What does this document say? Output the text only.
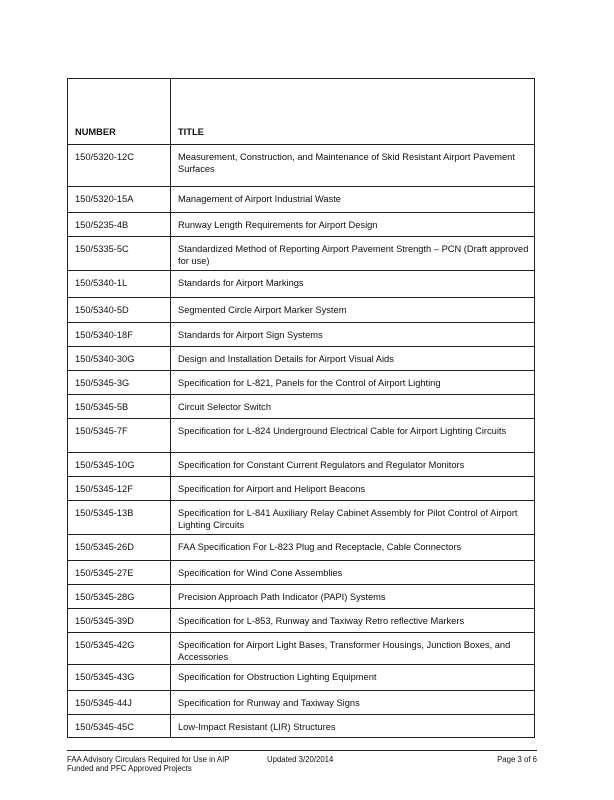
NUMBER	TITLE
150/5320-12C	Measurement, Construction, and Maintenance of Skid Resistant Airport Pavement Surfaces
150/5320-15A	Management of Airport Industrial Waste
150/5235-4B	Runway Length Requirements for Airport Design
150/5335-5C	Standardized Method of Reporting Airport Pavement Strength – PCN (Draft approved for use)
150/5340-1L	Standards for Airport Markings
150/5340-5D	Segmented Circle Airport Marker System
150/5340-18F	Standards for Airport Sign Systems
150/5340-30G	Design and Installation Details for Airport Visual Aids
150/5345-3G	Specification for L-821, Panels for the Control of Airport Lighting
150/5345-5B	Circuit Selector Switch
150/5345-7F	Specification for L-824 Underground Electrical Cable for Airport Lighting Circuits
150/5345-10G	Specification for Constant Current Regulators and Regulator Monitors
150/5345-12F	Specification for Airport and Heliport Beacons
150/5345-13B	Specification for L-841 Auxiliary Relay Cabinet Assembly for Pilot Control of Airport Lighting Circuits
150/5345-26D	FAA Specification For L-823 Plug and Receptacle, Cable Connectors
150/5345-27E	Specification for Wind Cone Assemblies
150/5345-28G	Precision Approach Path Indicator (PAPI) Systems
150/5345-39D	Specification for L-853, Runway and Taxiway Retro reflective Markers
150/5345-42G	Specification for Airport Light Bases, Transformer Housings, Junction Boxes, and Accessories
150/5345-43G	Specification for Obstruction Lighting Equipment
150/5345-44J	Specification for Runway and Taxiway Signs
150/5345-45C	Low-Impact Resistant (LIR) Structures
FAA Advisory Circulars Required for Use in AIP Funded and PFC Approved Projects
Updated 3/20/2014	Page 3 of 6
